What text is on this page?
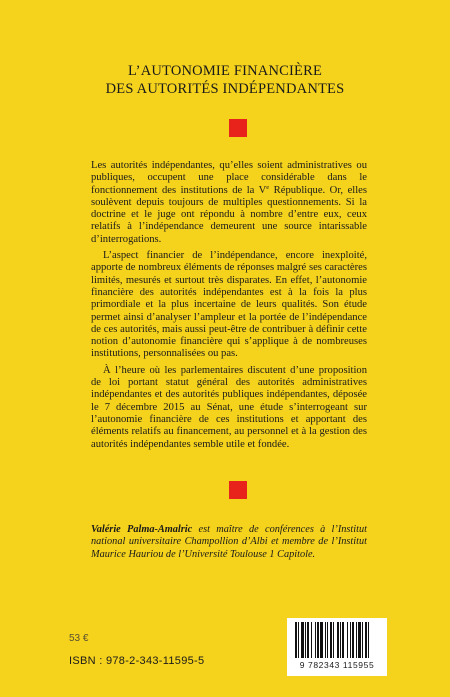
L’AUTONOMIE FINANCIÈRE
DES AUTORITÉS INDÉPENDANTES

Les autorités indépendantes, qu’elles soient administratives ou publiques, occupent une place considérable dans le fonctionnement des institutions de la Ve République. Or, elles soulèvent depuis toujours de multiples questionnements. Si la doctrine et le juge ont répondu à nombre d’entre eux, ceux relatifs à l’indépendance demeurent une source intarissable d’interrogations.

L’aspect financier de l’indépendance, encore inexploité, apporte de nombreux éléments de réponses malgré ses caractères limités, mesurés et surtout très disparates. En effet, l’autonomie financière des autorités indépendantes est à la fois la plus primordiale et la plus incertaine de leurs qualités. Son étude permet ainsi d’analyser l’ampleur et la portée de l’indépendance de ces autorités, mais aussi peut-être de contribuer à définir cette notion d’autonomie financière qui s’applique à de nombreuses institutions, personnalisées ou pas.

À l’heure où les parlementaires discutent d’une proposition de loi portant statut général des autorités administratives indépendantes et des autorités publiques indépendantes, déposée le 7 décembre 2015 au Sénat, une étude s’interrogeant sur l’autonomie financière de ces institutions et apportant des éléments relatifs au financement, au personnel et à la gestion des autorités indépendantes semble utile et fondée.

Valérie Palma-Amalric est maître de conférences à l’Institut national universitaire Champollion d’Albi et membre de l’Institut Maurice Hauriou de l’Université Toulouse 1 Capitole.
53 €
ISBN : 978-2-343-11595-5	9 782343 115955
